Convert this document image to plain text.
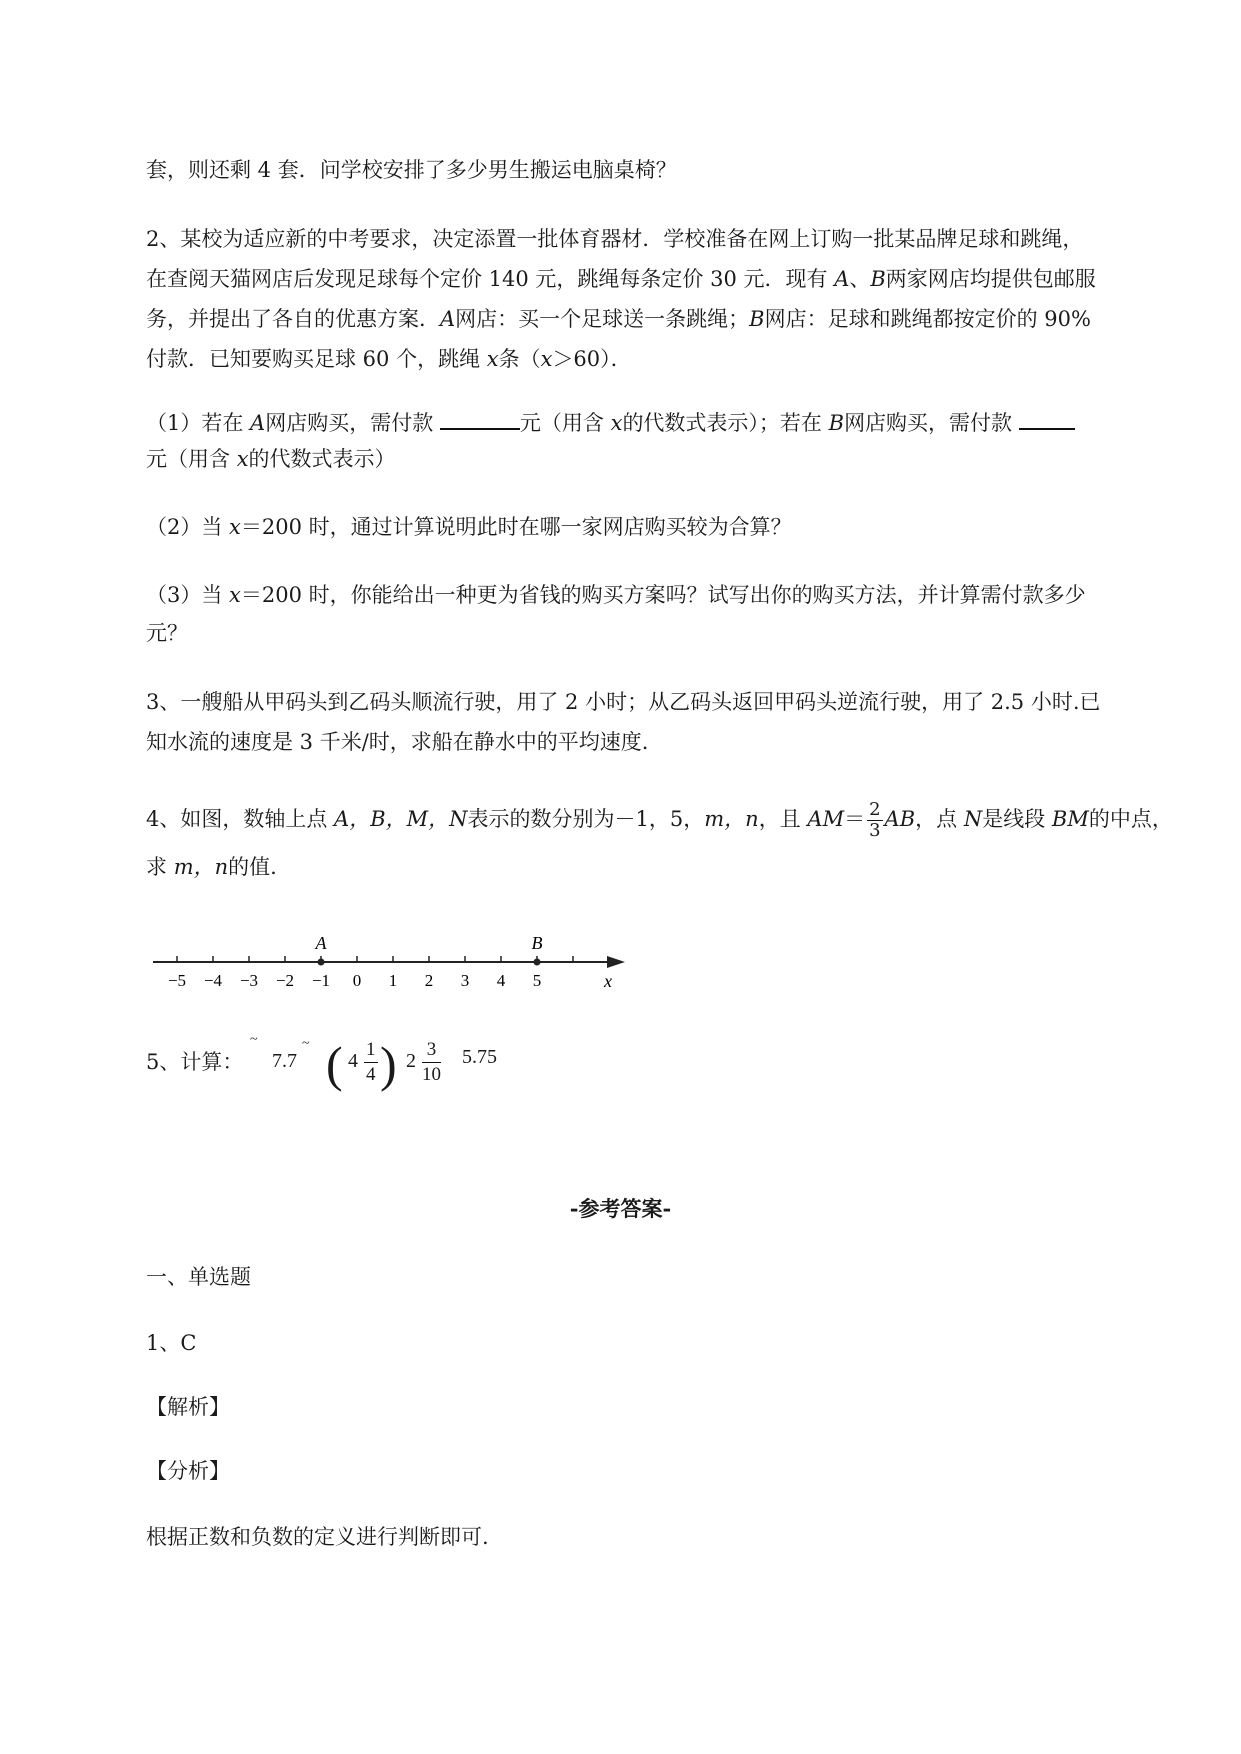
套，则还剩 4 套．问学校安排了多少男生搬运电脑桌椅？
2、某校为适应新的中考要求，决定添置一批体育器材．学校准备在网上订购一批某品牌足球和跳绳，
在查阅天猫网店后发现足球每个定价 140 元，跳绳每条定价 30 元．现有 A、B两家网店均提供包邮服
务，并提出了各自的优惠方案．A网店：买一个足球送一条跳绳；B网店：足球和跳绳都按定价的 90%
付款．已知要购买足球 60 个，跳绳 x条（x＞60）．
（1）若在 A网店购买，需付款	元（用含 x的代数式表示）；若在 B网店购买，需付款
元（用含 x的代数式表示）
（2）当 x＝200 时，通过计算说明此时在哪一家网店购买较为合算？
（3）当 x＝200 时，你能给出一种更为省钱的购买方案吗？试写出你的购买方法，并计算需付款多少
元？
3、一艘船从甲码头到乙码头顺流行驶，用了 2 小时；从乙码头返回甲码头逆流行驶，用了 2.5 小时.已
知水流的速度是 3 千米/时，求船在静水中的平均速度.
4、如图，数轴上点 A，B，M，N表示的数分别为－1，5，m，n，且 $AM= \frac{2}{3}$ AB，点 N是线段 BM的中点，
求 m，n的值.
−5 −4 −3 −2 −1 0 1 2 3 4 5
A	B
x
5、计算：
~
7.7
~ ( $4 \frac{1}{4}$ ) $2 \frac{3}{10} 5.75$
-参考答案-
一、单选题
1、C
【解析】
【分析】
根据正数和负数的定义进行判断即可.
